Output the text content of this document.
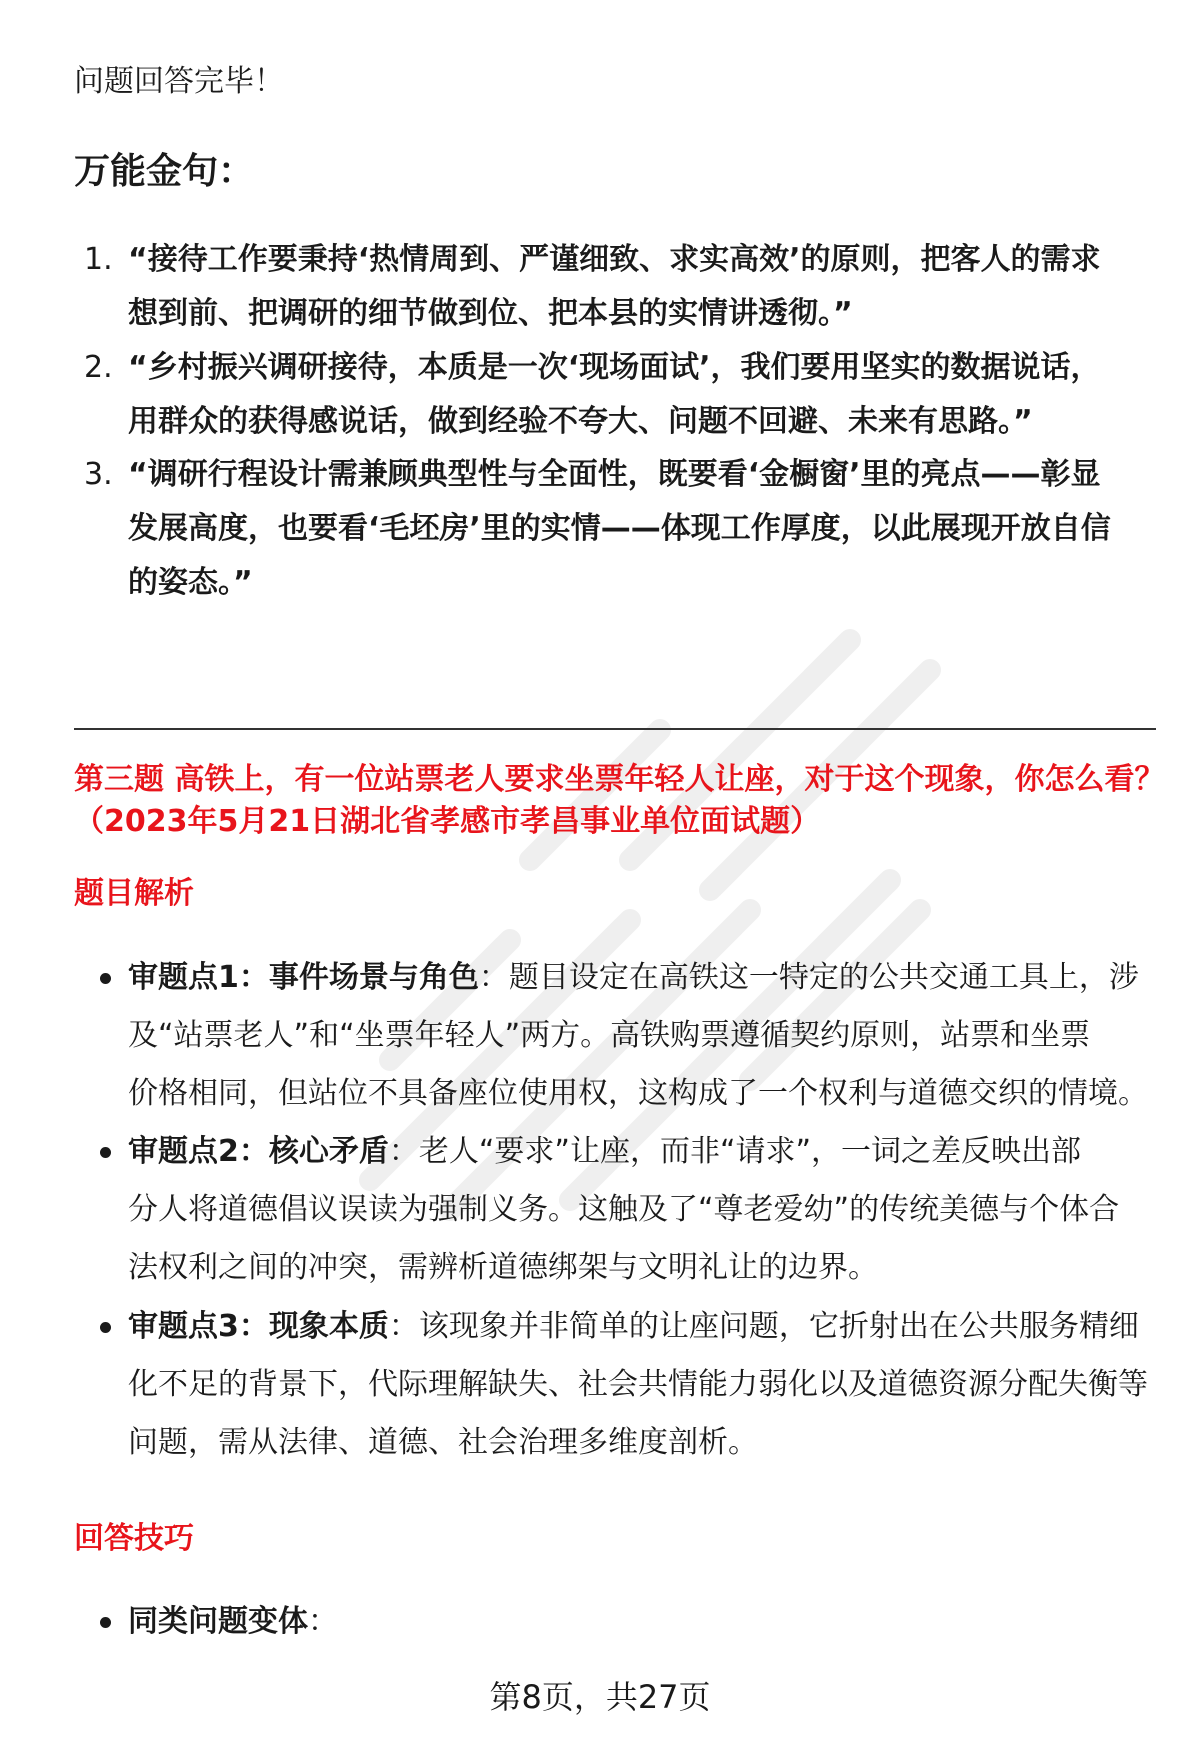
问题回答完毕！
万能金句：
1. “接待工作要秉持‘热情周到、严谨细致、求实高效’的原则，把客人的需求
想到前、把调研的细节做到位、把本县的实情讲透彻。”
2. “乡村振兴调研接待，本质是一次‘现场面试’，我们要用坚实的数据说话，
用群众的获得感说话，做到经验不夸大、问题不回避、未来有思路。”
3. “调研行程设计需兼顾典型性与全面性，既要看‘金橱窗’里的亮点——彰显
发展高度，也要看‘毛坯房’里的实情——体现工作厚度，以此展现开放自信
的姿态。”
第三题 高铁上，有一位站票老人要求坐票年轻人让座，对于这个现象，你怎么看？
（2023年5月21日湖北省孝感市孝昌事业单位面试题）
题目解析
审题点1：事件场景与角色：题目设定在高铁这一特定的公共交通工具上，涉
及“站票老人”和“坐票年轻人”两方。高铁购票遵循契约原则，站票和坐票
价格相同，但站位不具备座位使用权，这构成了一个权利与道德交织的情境。
审题点2：核心矛盾：老人“要求”让座，而非“请求”，一词之差反映出部
分人将道德倡议误读为强制义务。这触及了“尊老爱幼”的传统美德与个体合
法权利之间的冲突，需辨析道德绑架与文明礼让的边界。
审题点3：现象本质：该现象并非简单的让座问题，它折射出在公共服务精细
化不足的背景下，代际理解缺失、社会共情能力弱化以及道德资源分配失衡等
问题，需从法律、道德、社会治理多维度剖析。
回答技巧
同类问题变体：
第8页，共27页
